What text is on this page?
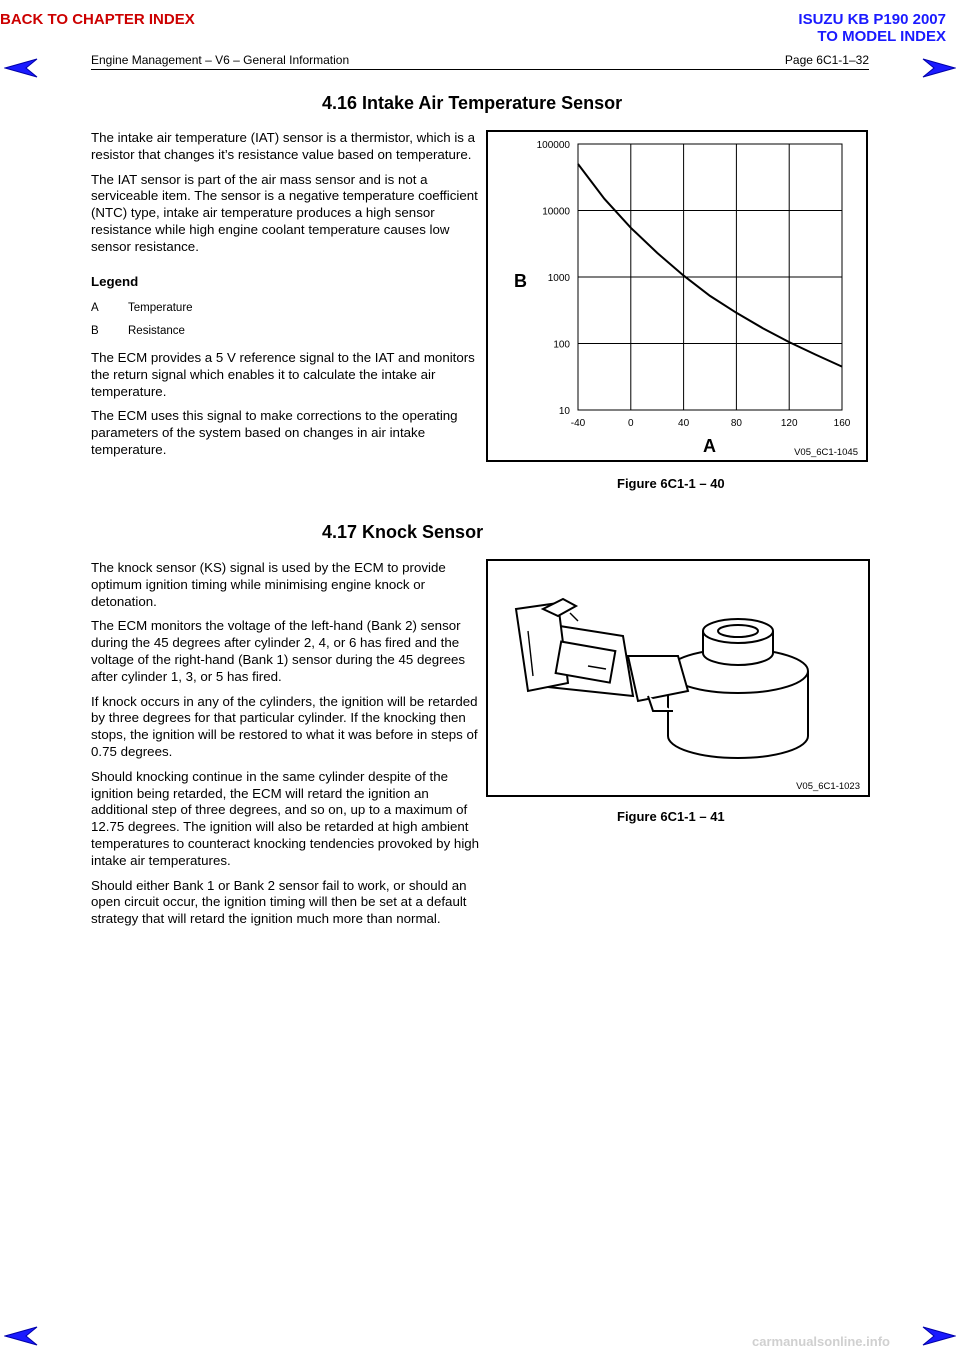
BACK TO CHAPTER INDEX	ISUZU KB P190 2007
TO MODEL INDEX
Engine Management – V6 – General Information	Page 6C1-1–32
4.16 Intake Air Temperature Sensor

The intake air temperature (IAT) sensor is a thermistor, which is a resistor that changes it’s resistance value based on temperature.

The IAT sensor is part of the air mass sensor and is not a serviceable item. The sensor is a negative temperature coefficient (NTC) type, intake air temperature produces a high sensor resistance while high engine coolant temperature causes low sensor resistance.

Legend
A	Temperature
B	Resistance

The ECM provides a 5 V reference signal to the IAT and monitors the return signal which enables it to calculate the intake air temperature.

The ECM uses this signal to make corrections to the operating parameters of the system based on changes in air intake temperature.

100000
10000
1000
100
10
-40	0	40	80	120	160
B
A	V05_6C1-1045
Figure 6C1-1 – 40
4.17 Knock Sensor

The knock sensor (KS) signal is used by the ECM to provide optimum ignition timing while minimising engine knock or detonation.

The ECM monitors the voltage of the left-hand (Bank 2) sensor during the 45 degrees after cylinder 2, 4, or 6 has fired and the voltage of the right-hand (Bank 1) sensor during the 45 degrees after cylinder 1, 3, or 5 has fired.

If knock occurs in any of the cylinders, the ignition will be retarded by three degrees for that particular cylinder. If the knocking then stops, the ignition will be restored to what it was before in steps of 0.75 degrees.

Should knocking continue in the same cylinder despite of the ignition being retarded, the ECM will retard the ignition an additional step of three degrees, and so on, up to a maximum of 12.75 degrees. The ignition will also be retarded at high ambient temperatures to counteract knocking tendencies provoked by high intake air temperatures.

Should either Bank 1 or Bank 2 sensor fail to work, or should an open circuit occur, the ignition timing will then be set at a default strategy that will retard the ignition much more than normal.

V05_6C1-1023
Figure 6C1-1 – 41
carmanualsonline.info
